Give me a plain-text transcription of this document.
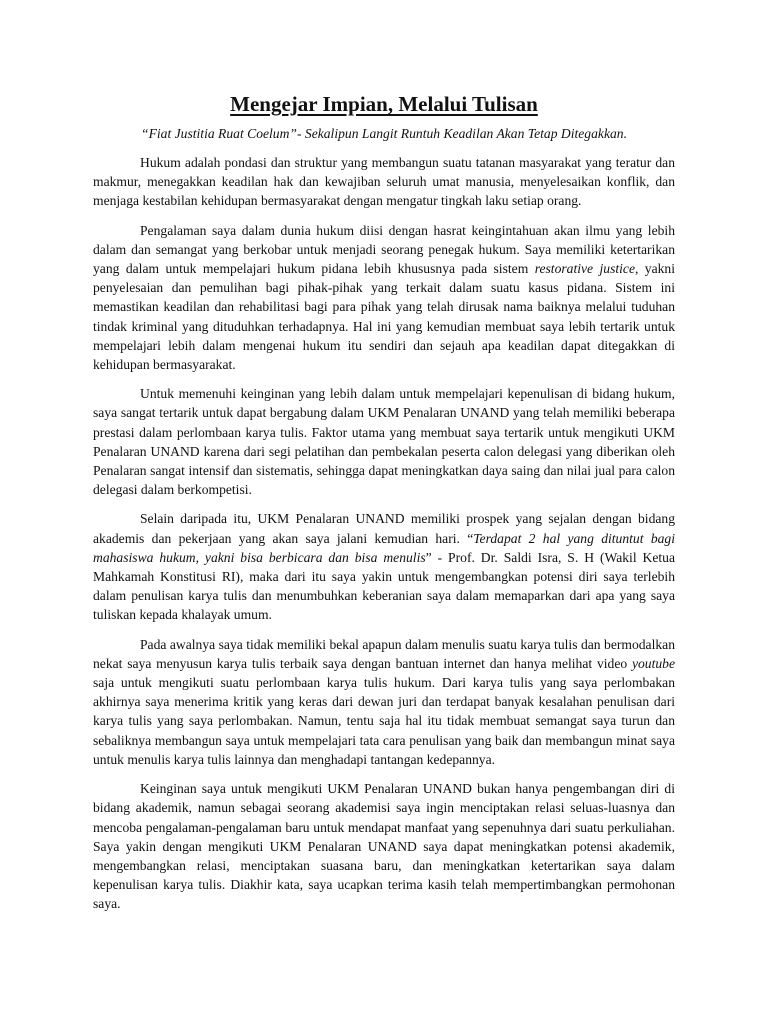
Mengejar Impian, Melalui Tulisan

“Fiat Justitia Ruat Coelum”- Sekalipun Langit Runtuh Keadilan Akan Tetap Ditegakkan.

Hukum adalah pondasi dan struktur yang membangun suatu tatanan masyarakat yang teratur dan makmur, menegakkan keadilan hak dan kewajiban seluruh umat manusia, menyelesaikan konflik, dan menjaga kestabilan kehidupan bermasyarakat dengan mengatur tingkah laku setiap orang.

Pengalaman saya dalam dunia hukum diisi dengan hasrat keingintahuan akan ilmu yang lebih dalam dan semangat yang berkobar untuk menjadi seorang penegak hukum. Saya memiliki ketertarikan yang dalam untuk mempelajari hukum pidana lebih khususnya pada sistem restorative justice, yakni penyelesaian dan pemulihan bagi pihak-pihak yang terkait dalam suatu kasus pidana. Sistem ini memastikan keadilan dan rehabilitasi bagi para pihak yang telah dirusak nama baiknya melalui tuduhan tindak kriminal yang dituduhkan terhadapnya. Hal ini yang kemudian membuat saya lebih tertarik untuk mempelajari lebih dalam mengenai hukum itu sendiri dan sejauh apa keadilan dapat ditegakkan di kehidupan bermasyarakat.

Untuk memenuhi keinginan yang lebih dalam untuk mempelajari kepenulisan di bidang hukum, saya sangat tertarik untuk dapat bergabung dalam UKM Penalaran UNAND yang telah memiliki beberapa prestasi dalam perlombaan karya tulis. Faktor utama yang membuat saya tertarik untuk mengikuti UKM Penalaran UNAND karena dari segi pelatihan dan pembekalan peserta calon delegasi yang diberikan oleh Penalaran sangat intensif dan sistematis, sehingga dapat meningkatkan daya saing dan nilai jual para calon delegasi dalam berkompetisi.

Selain daripada itu, UKM Penalaran UNAND memiliki prospek yang sejalan dengan bidang akademis dan pekerjaan yang akan saya jalani kemudian hari. “Terdapat 2 hal yang dituntut bagi mahasiswa hukum, yakni bisa berbicara dan bisa menulis” - Prof. Dr. Saldi Isra, S. H (Wakil Ketua Mahkamah Konstitusi RI), maka dari itu saya yakin untuk mengembangkan potensi diri saya terlebih dalam penulisan karya tulis dan menumbuhkan keberanian saya dalam memaparkan dari apa yang saya tuliskan kepada khalayak umum.

Pada awalnya saya tidak memiliki bekal apapun dalam menulis suatu karya tulis dan bermodalkan nekat saya menyusun karya tulis terbaik saya dengan bantuan internet dan hanya melihat video youtube saja untuk mengikuti suatu perlombaan karya tulis hukum. Dari karya tulis yang saya perlombakan akhirnya saya menerima kritik yang keras dari dewan juri dan terdapat banyak kesalahan penulisan dari karya tulis yang saya perlombakan. Namun, tentu saja hal itu tidak membuat semangat saya turun dan sebaliknya membangun saya untuk mempelajari tata cara penulisan yang baik dan membangun minat saya untuk menulis karya tulis lainnya dan menghadapi tantangan kedepannya.

Keinginan saya untuk mengikuti UKM Penalaran UNAND bukan hanya pengembangan diri di bidang akademik, namun sebagai seorang akademisi saya ingin menciptakan relasi seluas-luasnya dan mencoba pengalaman-pengalaman baru untuk mendapat manfaat yang sepenuhnya dari suatu perkuliahan. Saya yakin dengan mengikuti UKM Penalaran UNAND saya dapat meningkatkan potensi akademik, mengembangkan relasi, menciptakan suasana baru, dan meningkatkan ketertarikan saya dalam kepenulisan karya tulis. Diakhir kata, saya ucapkan terima kasih telah mempertimbangkan permohonan saya.
